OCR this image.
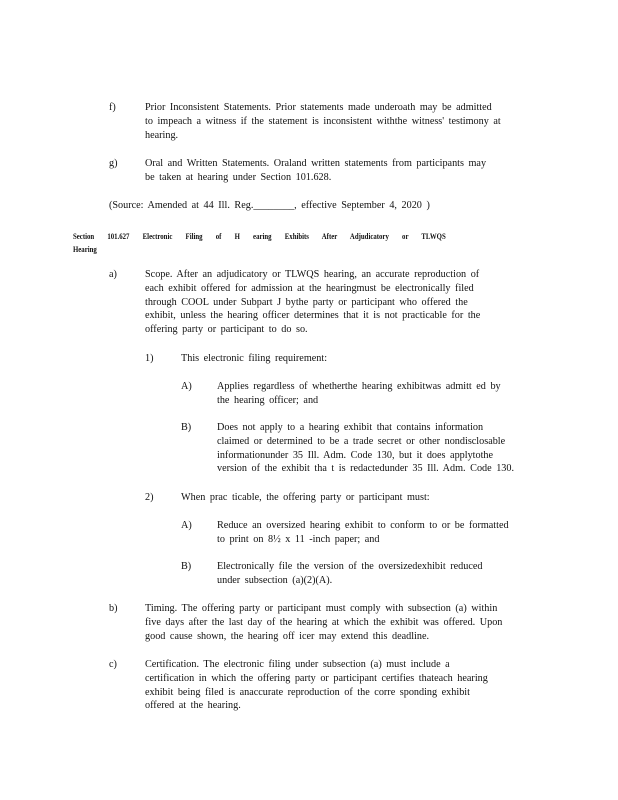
f)	Prior Inconsistent Statements. Prior statements made underoath may be admitted
to impeach a witness if the statement is inconsistent withthe witness' testimony at
hearing.
g)	Oral and Written Statements. Oraland written statements from participants may
be taken at hearing under Section 101.628.
(Source: Amended at 44 Ill. Reg.________, effective September 4, 2020 )
Section 101.627 Electronic Filing of H earing Exhibits After Adjudicatory or TLWQS
Hearing
a)	Scope. After an adjudicatory or TLWQS hearing, an accurate reproduction of
each exhibit offered for admission at the hearingmust be electronically filed
through COOL under Subpart J bythe party or participant who offered the
exhibit, unless the hearing officer determines that it is not practicable for the
offering party or participant to do so.
1)	This electronic filing requirement:
A) Applies regardless of whetherthe hearing exhibitwas admitt ed by
the hearing officer; and
B)	Does not apply to a hearing exhibit that contains information
claimed or determined to be a trade secret or other nondisclosable
informationunder 35 Ill. Adm. Code 130, but it does applytothe
version of the exhibit tha t is redactedunder 35 Ill. Adm. Code 130.
2)	When prac ticable, the offering party or participant must:
A) Reduce an oversized hearing exhibit to conform to or be formatted
to print on 8½ x 11 -inch paper; and
B)	Electronically file the version of the oversizedexhibit reduced
under subsection (a)(2)(A).
b)	Timing. The offering party or participant must comply with subsection (a) within
five days after the last day of the hearing at which the exhibit was offered. Upon
good cause shown, the hearing off icer may extend this deadline.
c)	Certification. The electronic filing under subsection (a) must include a
certification in which the offering party or participant certifies thateach hearing
exhibit being filed is anaccurate reproduction of the corre sponding exhibit
offered at the hearing.
